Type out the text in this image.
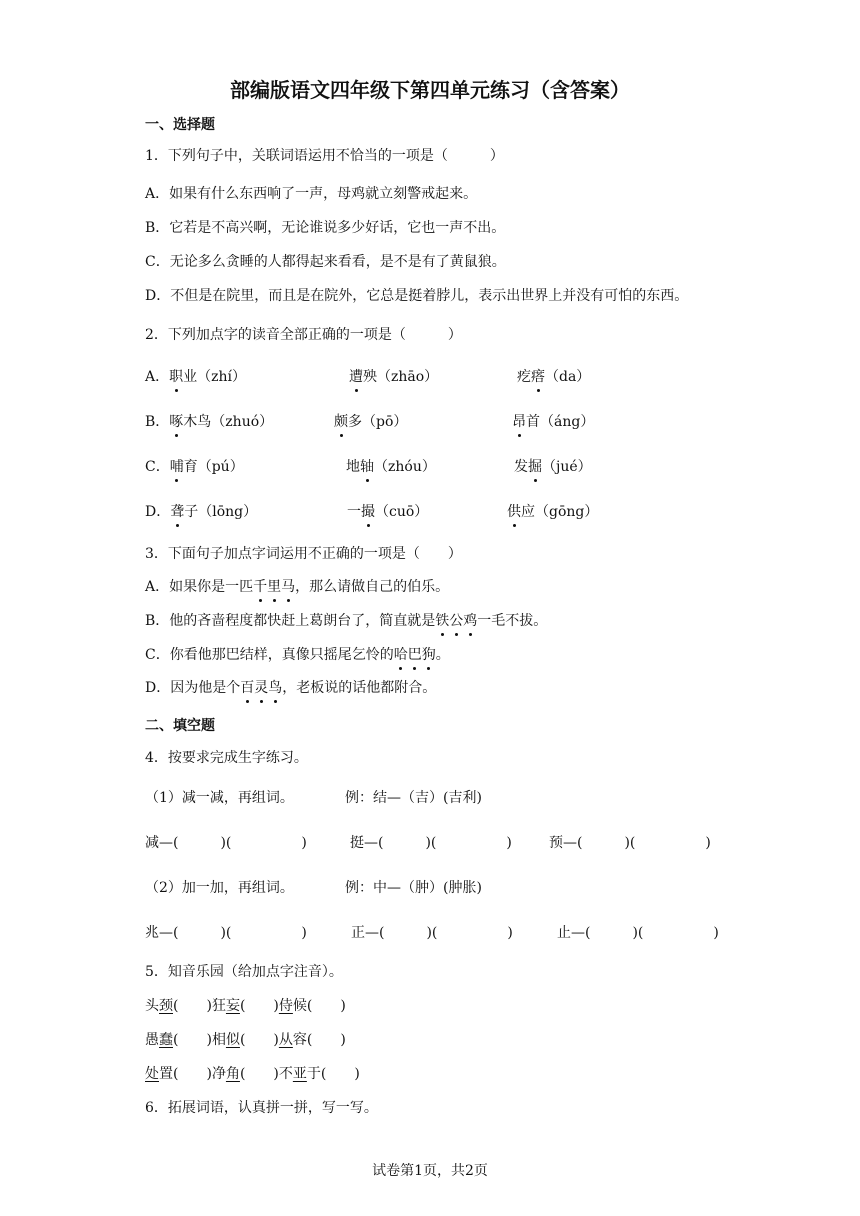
部编版语文四年级下第四单元练习（含答案）
一、选择题
1．下列句子中，关联词语运用不恰当的一项是（　　　）
A．如果有什么东西响了一声，母鸡就立刻警戒起来。
B．它若是不高兴啊，无论谁说多少好话，它也一声不出。
C．无论多么贪睡的人都得起来看看，是不是有了黄鼠狼。
D．不但是在院里，而且是在院外，它总是挺着脖儿，表示出世界上并没有可怕的东西。
2．下列加点字的读音全部正确的一项是（　　　）
A．职业（zhí）	遭殃（zhāo）	疙瘩（da）
B．啄木鸟（zhuó）	颇多（pō）	昂首（áng）
C．哺育（pú）	地轴（zhóu）	发掘（jué）
D．聋子（lōng）	一撮（cuō）	供应（gōng）
3．下面句子加点字词运用不正确的一项是（　　）
A．如果你是一匹千里马，那么请做自己的伯乐。
B．他的吝啬程度都快赶上葛朗台了，简直就是铁公鸡一毛不拔。
C．你看他那巴结样，真像只摇尾乞怜的哈巴狗。
D．因为他是个百灵鸟，老板说的话他都附合。
二、填空题
4．按要求完成生字练习。
（1）减一减，再组词。	例：结—（吉）(吉利)
减—(　　　)(　　　　　)	挺—(　　　)(　　　　　)	预—(　　　)(　　　　　)
（2）加一加，再组词。	例：中—（肿）(肿胀)
兆—(　　　)(　　　　　)	正—(　　　)(　　　　　)	止—(　　　)(　　　　　)
5．知音乐园（给加点字注音）。
头颈(　　)狂妄(　　)侍候(　　)
愚蠢(　　)相似(　　)从容(　　)
处置(　　)净角(　　)不亚于(　　)
6．拓展词语，认真拼一拼，写一写。
试卷第1页，共2页
